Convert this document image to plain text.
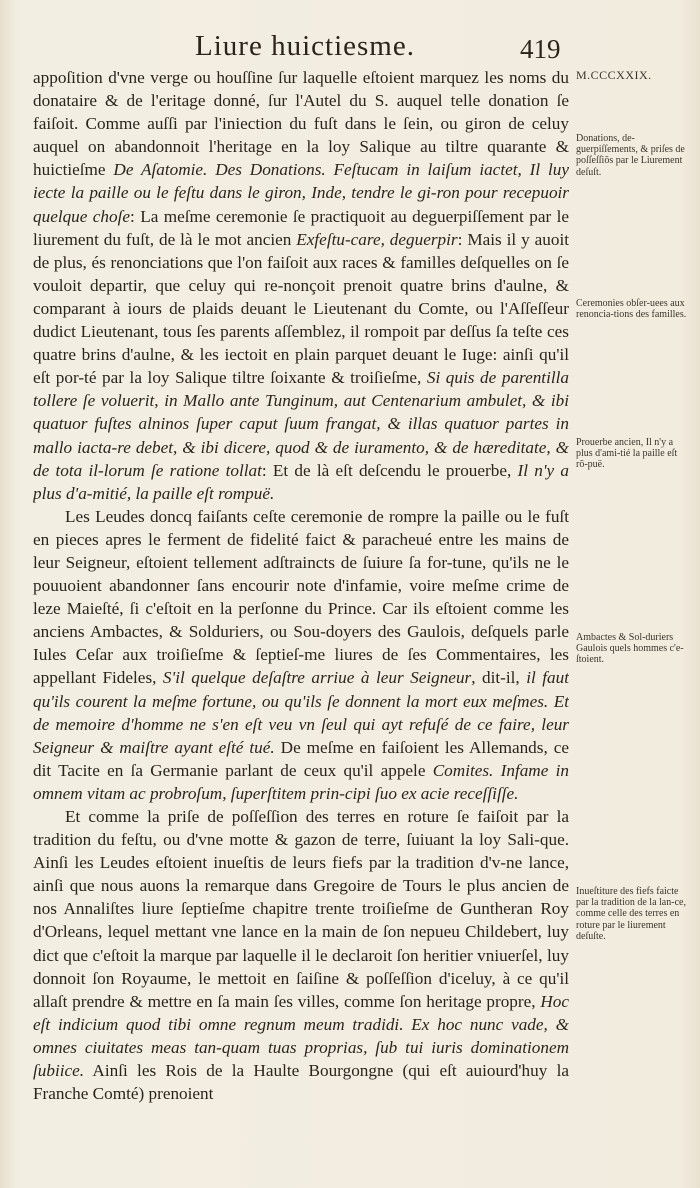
Liure huictiesme.	419
M.CCCXXIX.
Donations, de-guerpiſſements, & priſes de poſſeſſiõs par le Liurement deſuſt.
Ceremonies obſer-uees aux renoncia-tions des familles.
Prouerbe ancien, Il n'y a plus d'ami-tié la paille eſt rõ-puë.
Ambactes & Sol-duriers Gaulois quels hommes c'e-ſtoient.
Inueſtiture des fiefs faicte par la tradition de la lan-ce, comme celle des terres en roture par le liurement deſuſte.

appoſition d'vne verge ou houſſine ſur laquelle eſtoient marquez les noms du donataire & de l'eritage donné, ſur l'Autel du S. auquel telle donation ſe faiſoit. Comme auſſi par l'iniection du fuſt dans le ſein, ou giron de celuy auquel on abandonnoit l'heritage en la loy Salique au tiltre quarante & huictieſme De Aſatomie. Des Donations. Feſtucam in laiſum iactet, Il luy iecte la paille ou le feſtu dans le giron, Inde, tendre le gi-ron pour recepuoir quelque choſe: La meſme ceremonie ſe practiquoit au deguerpiſſement par le liurement du fuſt, de là le mot ancien Exfeſtu-care, deguerpir: Mais il y auoit de plus, és renonciations que l'on faiſoit aux races & familles deſquelles on ſe vouloit departir, que celuy qui re-nonçoit prenoit quatre brins d'aulne, & comparant à iours de plaids deuant le Lieutenant du Comte, ou l'Aſſeſſeur dudict Lieutenant, tous ſes parents aſſemblez, il rompoit par deſſus ſa teſte ces quatre brins d'aulne, & les iectoit en plain parquet deuant le Iuge: ainſi qu'il eſt por-té par la loy Salique tiltre ſoixante & troiſieſme, Si quis de parentilla tollere ſe voluerit, in Mallo ante Tunginum, aut Centenarium ambulet, & ibi quatuor fuſtes alninos ſuper caput ſuum frangat, & illas quatuor partes in mallo iacta-re debet, & ibi dicere, quod & de iuramento, & de hæreditate, & de tota il-lorum ſe ratione tollat: Et de là eſt deſcendu le prouerbe, Il n'y a plus d'a-mitié, la paille eſt rompuë.

Les Leudes doncq faiſants ceſte ceremonie de rompre la paille ou le fuſt en pieces apres le ferment de fidelité faict & paracheué entre les mains de leur Seigneur, eſtoient tellement adſtraincts de ſuiure ſa for-tune, qu'ils ne le pouuoient abandonner ſans encourir note d'infamie, voire meſme crime de leze Maieſté, ſi c'eſtoit en la perſonne du Prince. Car ils eſtoient comme les anciens Ambactes, & Solduriers, ou Sou-doyers des Gaulois, deſquels parle Iules Ceſar aux troiſieſme & ſeptieſ-me liures de ſes Commentaires, les appellant Fideles, S'il quelque deſaſtre arriue à leur Seigneur, dit-il, il faut qu'ils courent la meſme fortune, ou qu'ils ſe donnent la mort eux meſmes. Et de memoire d'homme ne s'en eſt veu vn ſeul qui ayt refuſé de ce faire, leur Seigneur & maiſtre ayant eſté tué. De meſme en faiſoient les Allemands, ce dit Tacite en ſa Germanie parlant de ceux qu'il appele Comites. Infame in omnem vitam ac probroſum, ſuperſtitem prin-cipi ſuo ex acie receſſiſſe.

Et comme la priſe de poſſeſſion des terres en roture ſe faiſoit par la tradition du feſtu, ou d'vne motte & gazon de terre, ſuiuant la loy Sali-que. Ainſi les Leudes eſtoient inueſtis de leurs fiefs par la tradition d'v-ne lance, ainſi que nous auons la remarque dans Gregoire de Tours le plus ancien de nos Annaliſtes liure ſeptieſme chapitre trente troiſieſme de Guntheran Roy d'Orleans, lequel mettant vne lance en la main de ſon nepueu Childebert, luy dict que c'eſtoit la marque par laquelle il le declaroit ſon heritier vniuerſel, luy donnoit ſon Royaume, le mettoit en ſaiſine & poſſeſſion d'iceluy, à ce qu'il allaſt prendre & mettre en ſa main ſes villes, comme ſon heritage propre, Hoc eſt indicium quod tibi omne regnum meum tradidi. Ex hoc nunc vade, & omnes ciuitates meas tan-quam tuas proprias, ſub tui iuris dominationem ſubiice. Ainſi les Rois de la Haulte Bourgongne (qui eſt auiourd'huy la Franche Comté) prenoient
